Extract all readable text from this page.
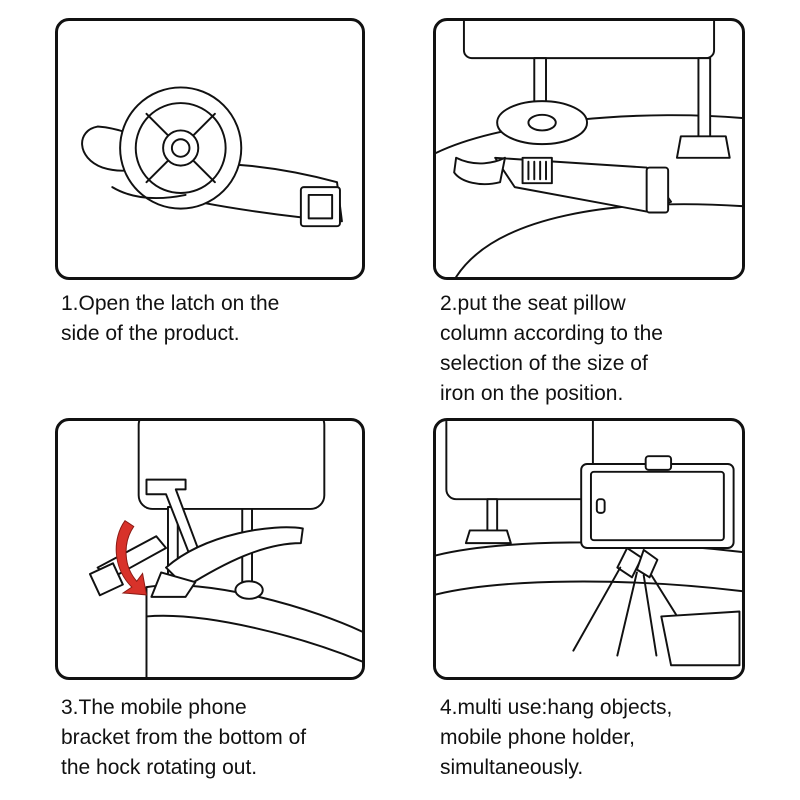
1.Open the latch on the
side of the product.

2.put the seat pillow
column according to the
selection of the size of
iron on the position.

3.The mobile phone
bracket from the bottom of
the hock rotating out.

4.multi use:hang objects,
mobile phone holder,
simultaneously.
